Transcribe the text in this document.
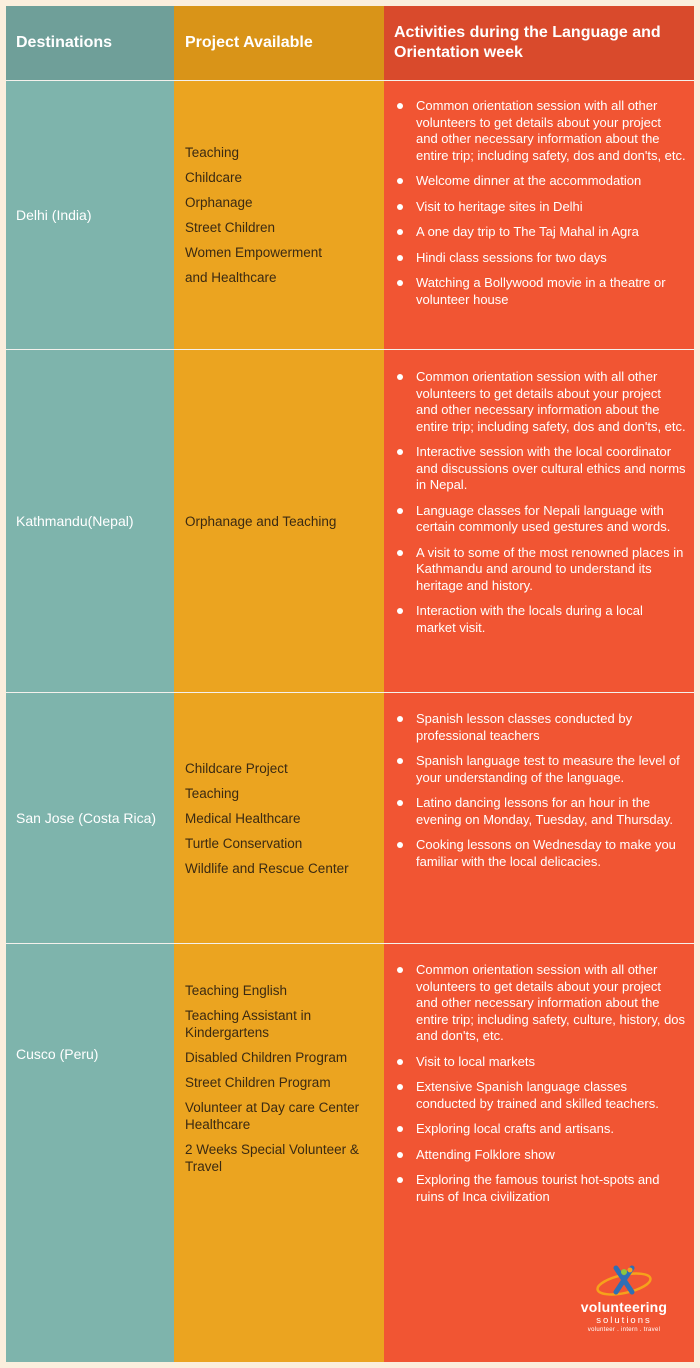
Destinations	Project Available
Activities during the Language and Orientation week
Delhi (India)
Teaching
Childcare
Orphanage
Street Children
Women Empowerment
and Healthcare
Common orientation session with all other volunteers to get details about your project and other necessary information about the entire trip; including safety, dos and don'ts, etc.
Welcome dinner at the accommodation
Visit to heritage sites in Delhi
A one day trip to The Taj Mahal in Agra
Hindi class sessions for two days
Watching a Bollywood movie in a theatre or volunteer house
Kathmandu(Nepal)	Orphanage and Teaching
Common orientation session with all other volunteers to get details about your project and other necessary information about the entire trip; including safety, dos and don'ts, etc.
Interactive session with the local coordinator and discussions over cultural ethics and norms in Nepal.
Language classes for Nepali language with certain commonly used gestures and words.
A visit to some of the most renowned places in Kathmandu and around to understand its heritage and history.
Interaction with the locals during a local market visit.
San Jose (Costa Rica)
Childcare Project
Teaching
Medical Healthcare
Turtle Conservation
Wildlife and Rescue Center
Spanish lesson classes conducted by professional teachers
Spanish language test to measure the level of your understanding of the language.
Latino dancing lessons for an hour in the evening on Monday, Tuesday, and Thursday.
Cooking lessons on Wednesday to make you familiar with the local delicacies.
Cusco (Peru)
Teaching English
Teaching Assistant in Kindergartens
Disabled Children Program
Street Children Program
Volunteer at Day care Center Healthcare
2 Weeks Special Volunteer & Travel
Common orientation session with all other volunteers to get details about your project and other necessary information about the entire trip; including safety, culture, history, dos and don'ts, etc.
Visit to local markets
Extensive Spanish language classes conducted by trained and skilled teachers.
Exploring local crafts and artisans.
Attending Folklore show
Exploring the famous tourist hot-spots and ruins of Inca civilization
volunteering
solutions
volunteer . intern . travel
